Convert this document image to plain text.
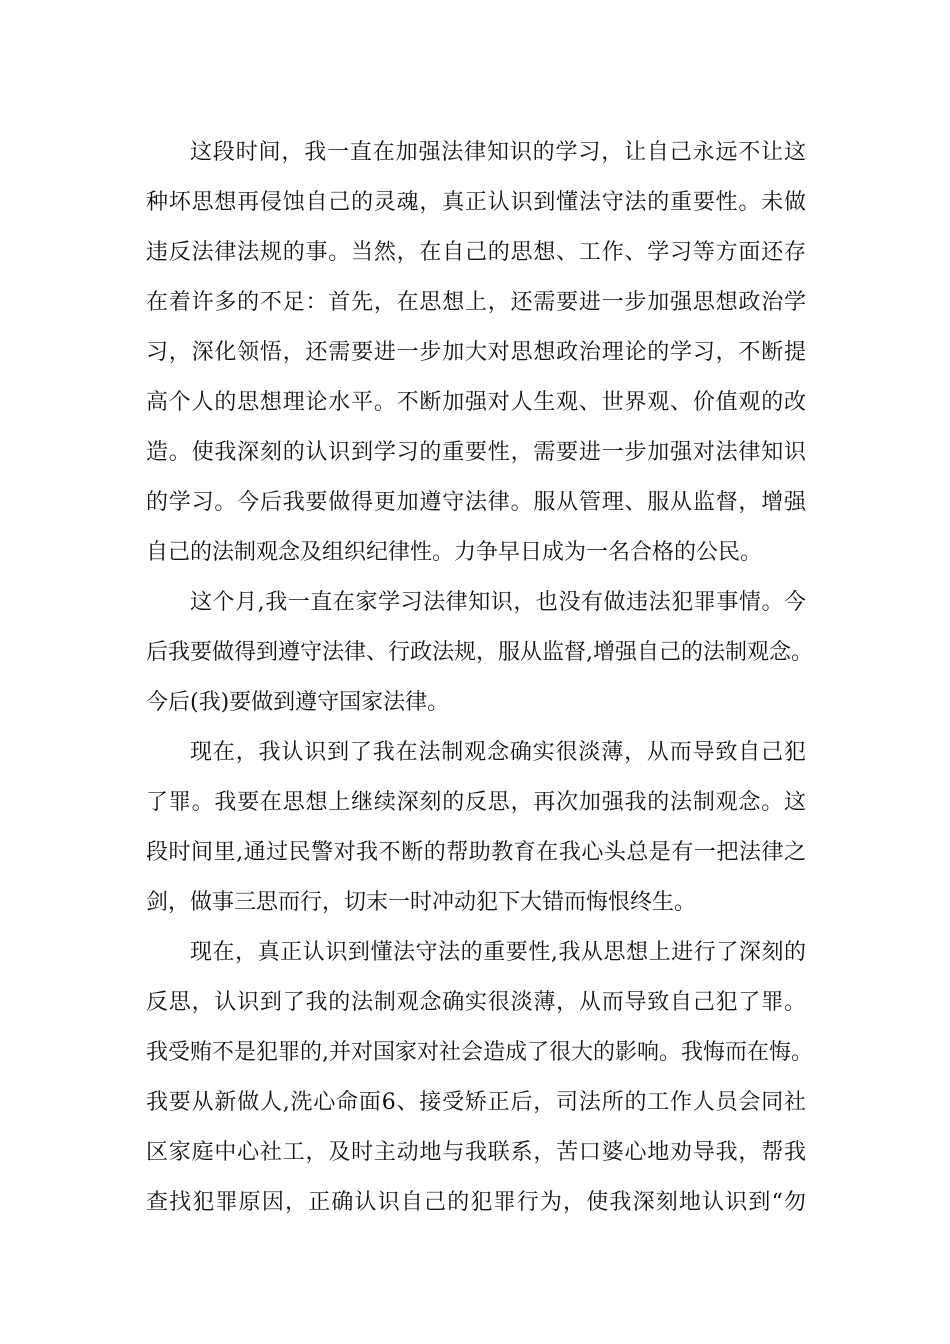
这段时间，我一直在加强法律知识的学习，让自己永远不让这
种坏思想再侵蚀自己的灵魂，真正认识到懂法守法的重要性。未做
违反法律法规的事。当然，在自己的思想、工作、学习等方面还存
在着许多的不足：首先，在思想上，还需要进一步加强思想政治学
习，深化领悟，还需要进一步加大对思想政治理论的学习，不断提
高个人的思想理论水平。不断加强对人生观、世界观、价值观的改
造。使我深刻的认识到学习的重要性，需要进一步加强对法律知识
的学习。今后我要做得更加遵守法律。服从管理、服从监督，增强
自己的法制观念及组织纪律性。力争早日成为一名合格的公民。
这个月,我一直在家学习法律知识，也没有做违法犯罪事情。今
后我要做得到遵守法律、行政法规，服从监督,增强自己的法制观念。
今后(我)要做到遵守国家法律。
现在，我认识到了我在法制观念确实很淡薄，从而导致自己犯
了罪。我要在思想上继续深刻的反思，再次加强我的法制观念。这
段时间里,通过民警对我不断的帮助教育在我心头总是有一把法律之
剑，做事三思而行，切末一时冲动犯下大错而悔恨终生。
现在，真正认识到懂法守法的重要性,我从思想上进行了深刻的
反思，认识到了我的法制观念确实很淡薄，从而导致自己犯了罪。
我受贿不是犯罪的,并对国家对社会造成了很大的影响。我悔而在悔。
我要从新做人,洗心命面6、接受矫正后，司法所的工作人员会同社
区家庭中心社工，及时主动地与我联系，苦口婆心地劝导我，帮我
查找犯罪原因，正确认识自己的犯罪行为，使我深刻地认识到“勿
